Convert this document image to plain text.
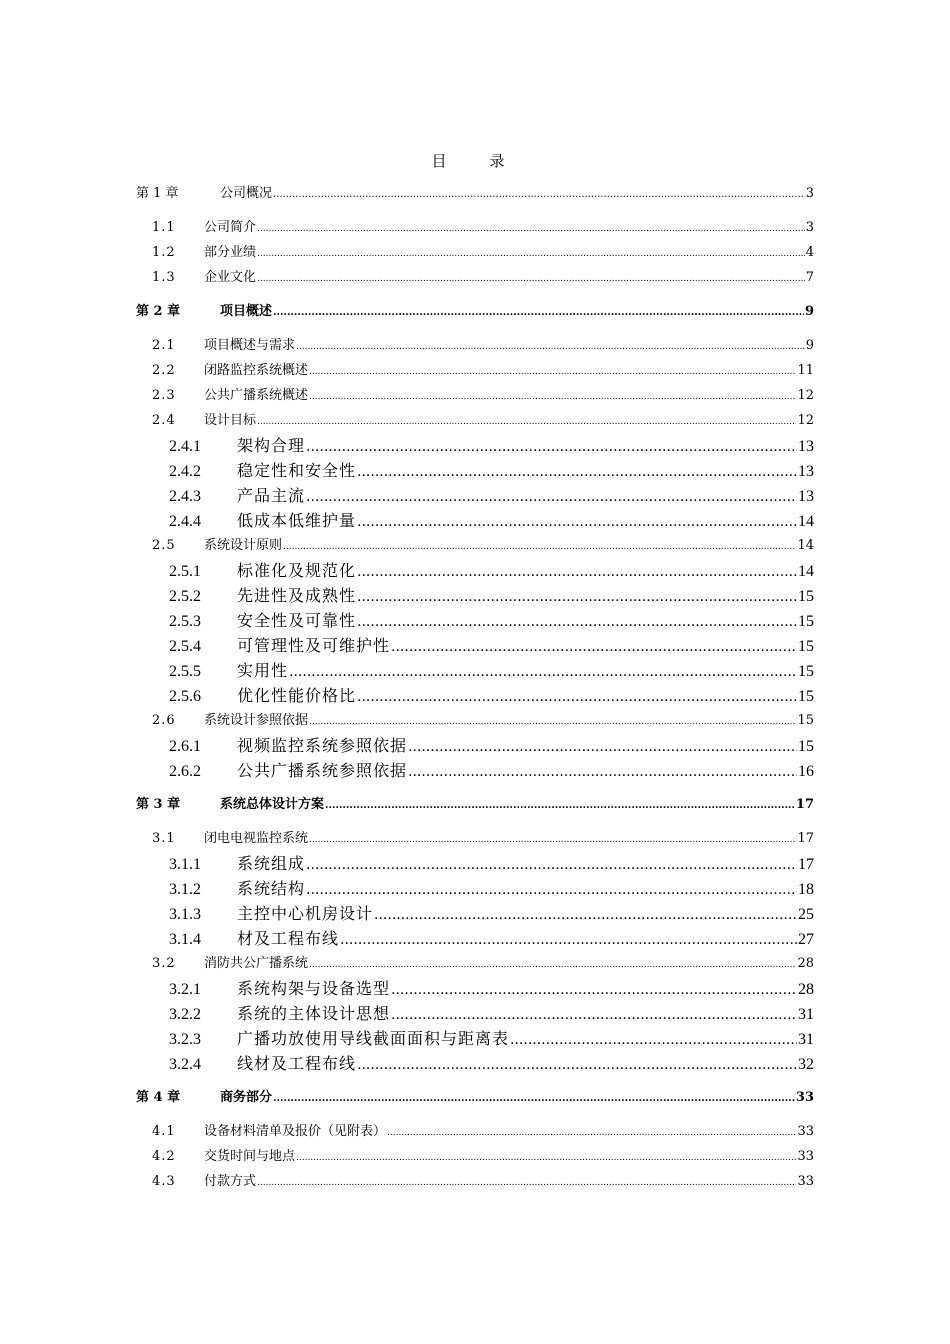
目　录
第 1 章	公司概况 .....	3
1.1	公司简介 .....	3
1.2	部分业绩 .....	4
1.3	企业文化 .....	7
第 2 章	项目概述 .....	9
2.1	项目概述与需求 .....	9
2.2	闭路监控系统概述 .....	11
2.3	公共广播系统概述 .....	12
2.4	设计目标 .....	12
2.4.1	架构合理 .....	13
2.4.2	稳定性和安全性 .....	13
2.4.3	产品主流 .....	13
2.4.4	低成本低维护量 .....	14
2.5	系统设计原则 .....	14
2.5.1	标准化及规范化 .....	14
2.5.2	先进性及成熟性 .....	15
2.5.3	安全性及可靠性 .....	15
2.5.4	可管理性及可维护性 .....	15
2.5.5	实用性 .....	15
2.5.6	优化性能价格比 .....	15
2.6	系统设计参照依据 .....	15
2.6.1	视频监控系统参照依据 .....	15
2.6.2	公共广播系统参照依据 .....	16
第 3 章	系统总体设计方案 .....	17
3.1	闭电电视监控系统 .....	17
3.1.1	系统组成 .....	17
3.1.2	系统结构 .....	18
3.1.3	主控中心机房设计 .....	25
3.1.4	材及工程布线 .....	27
3.2	消防共公广播系统 .....	28
3.2.1	系统构架与设备选型 .....	28
3.2.2	系统的主体设计思想 .....	31
3.2.3	广播功放使用导线截面面积与距离表 .....	31
3.2.4	线材及工程布线 .....	32
第 4 章	商务部分 .....	33
4.1	设备材料清单及报价（见附表） .....	33
4.2	交货时间与地点 .....	33
4.3	付款方式 .....	33
